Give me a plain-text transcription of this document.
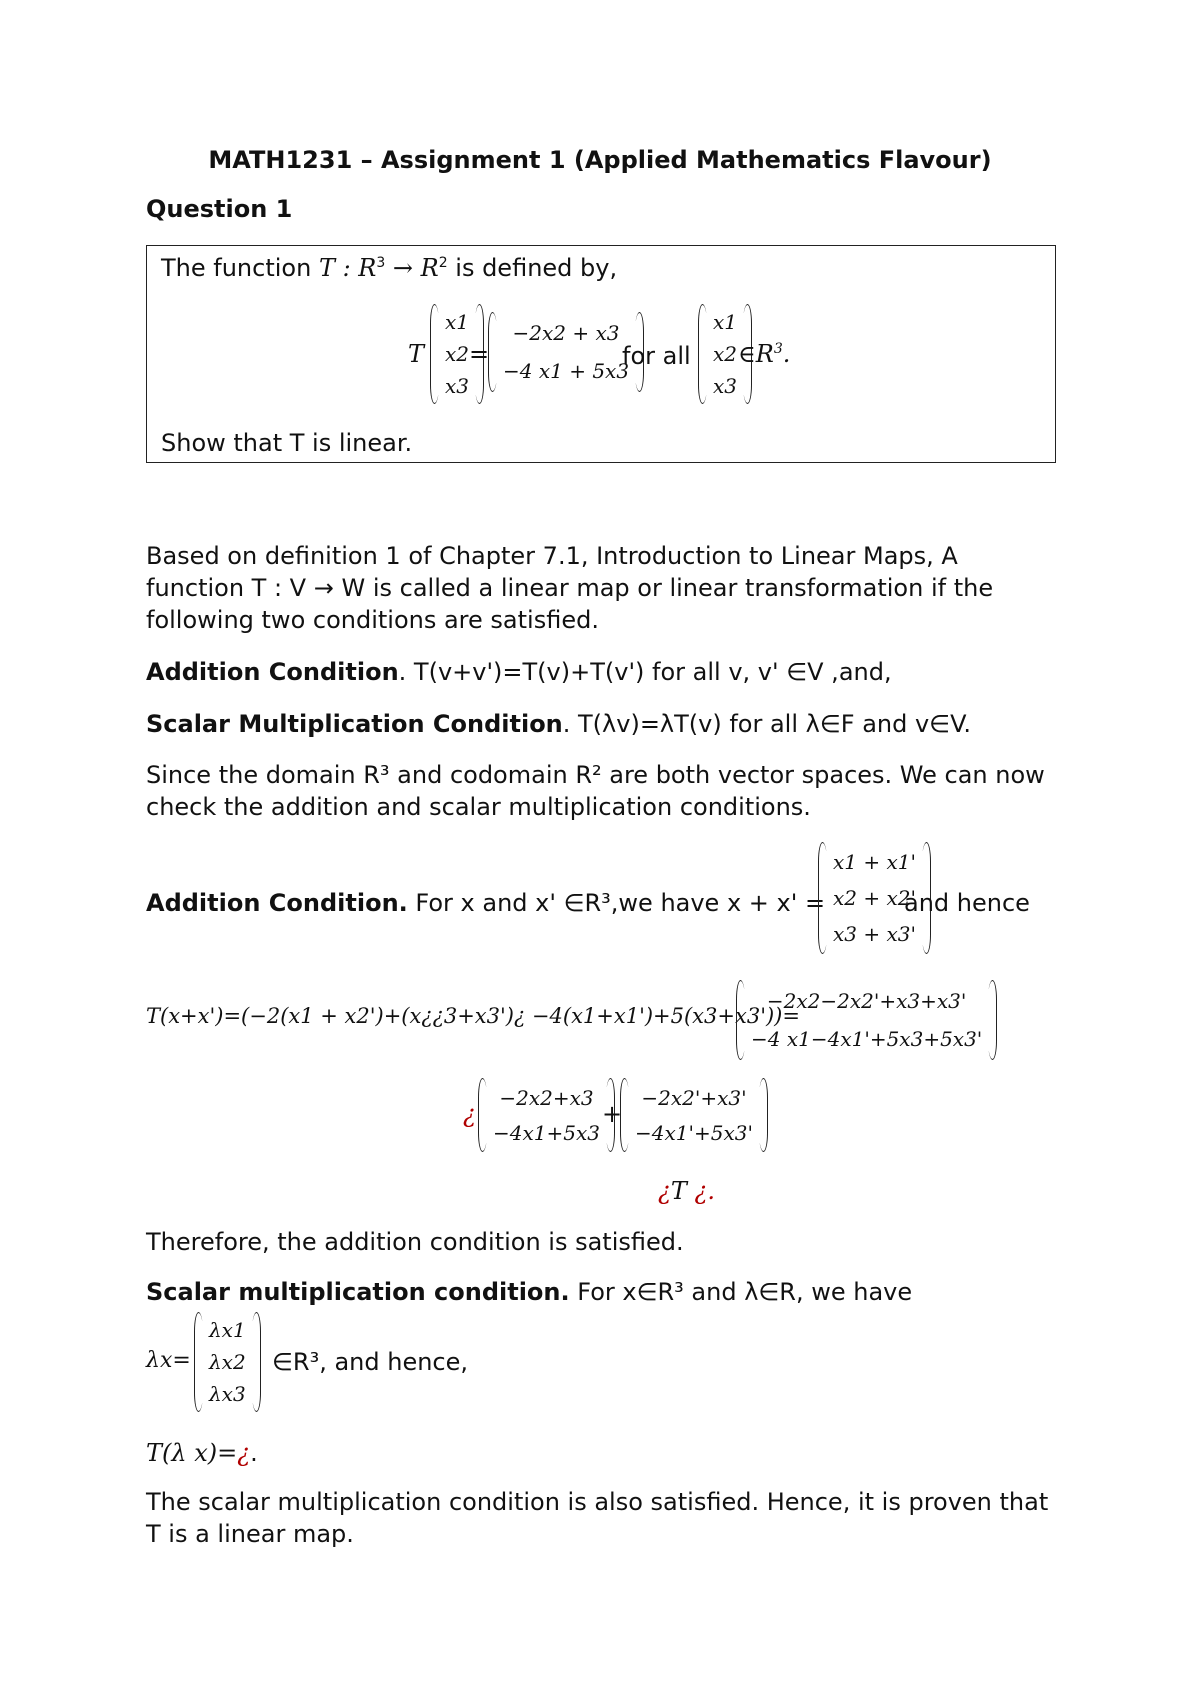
MATH1231 – Assignment 1 (Applied Mathematics Flavour)
Question 1
The function T : $R^3 \to R^2$ is defined by,
T
x1
x2
x3
=
−2x2 + x3
−4 x1 + 5x3
for all
x1
x2
x3
$\in R^3$.
Show that T is linear.
Based on definition 1 of Chapter 7.1, Introduction to Linear Maps, A
function T : V → W is called a linear map or linear transformation if the
following two conditions are satisfied.
Addition Condition. T(v+v')=T(v)+T(v') for all v, v' ∈V ,and,
Scalar Multiplication Condition. T(λv)=λT(v) for all λ∈F and v∈V.
Since the domain R³ and codomain R² are both vector spaces. We can now
check the addition and scalar multiplication conditions.
Addition Condition. For x and x' ∈R³,we have x + x' =
x1 + x1'
x2 + x2'
x3 + x3'
and hence
T(x+x')=(−2(x1 + x2')+(x¿¿3+x3')¿ −4(x1+x1')+5(x3+x3'))=
−2x2−2x2'+x3+x3'
−4 x1−4x1'+5x3+5x3'
¿
−2x2+x3
−4x1+5x3
+
−2x2'+x3'
−4x1'+5x3'
¿T ¿.
Therefore, the addition condition is satisfied.
Scalar multiplication condition. For x∈R³ and λ∈R, we have
λx=
λx1
λx2
λx3
∈R³, and hence,
T(λ x)=¿.
The scalar multiplication condition is also satisfied. Hence, it is proven that
T is a linear map.
